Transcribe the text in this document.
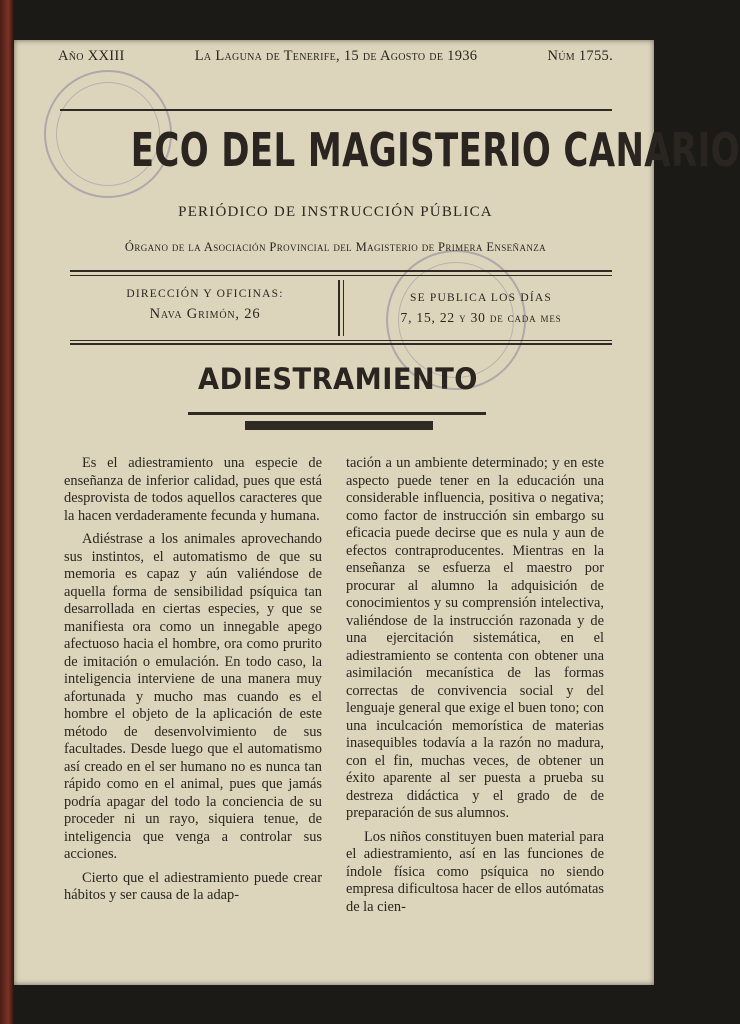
Año XXIII	La Laguna de Tenerife, 15 de Agosto de 1936	Núm 1755.
ECO DEL MAGISTERIO CANARIO
PERIÓDICO DE INSTRUCCIÓN PÚBLICA
Órgano de la Asociación Provincial del Magisterio de Primera Enseñanza
DIRECCIÓN Y OFICINAS:
Nava Grimón, 26
SE PUBLICA LOS DÍAS
7, 15, 22 y 30 de cada mes
ADIESTRAMIENTO

Es el adiestramiento una especie de enseñanza de inferior calidad, pues que está desprovista de todos aquellos caracteres que la hacen verdaderamente fecunda y humana.

Adiéstrase a los animales aprovechando sus instintos, el automatismo de que su memoria es capaz y aún valiéndose de aquella forma de sensibilidad psíquica tan desarrollada en ciertas especies, y que se manifiesta ora como un innegable apego afectuoso hacia el hombre, ora como prurito de imitación o emulación. En todo caso, la inteligencia interviene de una manera muy afortunada y mucho mas cuando es el hombre el objeto de la aplicación de este método de desenvolvimiento de sus facultades. Desde luego que el automatismo así creado en el ser humano no es nunca tan rápido como en el animal, pues que jamás podría apagar del todo la conciencia de su proceder ni un rayo, siquiera tenue, de inteligencia que venga a controlar sus acciones.

Cierto que el adiestramiento puede crear hábitos y ser causa de la adap-

tación a un ambiente determinado; y en este aspecto puede tener en la educación una considerable influencia, positiva o negativa; como factor de instrucción sin embargo su eficacia puede decirse que es nula y aun de efectos contraproducentes. Mientras en la enseñanza se esfuerza el maestro por procurar al alumno la adquisición de conocimientos y su comprensión intelectiva, valiéndose de la instrucción razonada y de una ejercitación sistemática, en el adiestramiento se contenta con obtener una asimilación mecanística de las formas correctas de convivencia social y del lenguaje general que exige el buen tono; con una inculcación memorística de materias inasequibles todavía a la razón no madura, con el fin, muchas veces, de obtener un éxito aparente al ser puesta a prueba su destreza didáctica y el grado de de preparación de sus alumnos.

Los niños constituyen buen material para el adiestramiento, así en las funciones de índole física como psíquica no siendo empresa dificultosa hacer de ellos autómatas de la cien-
